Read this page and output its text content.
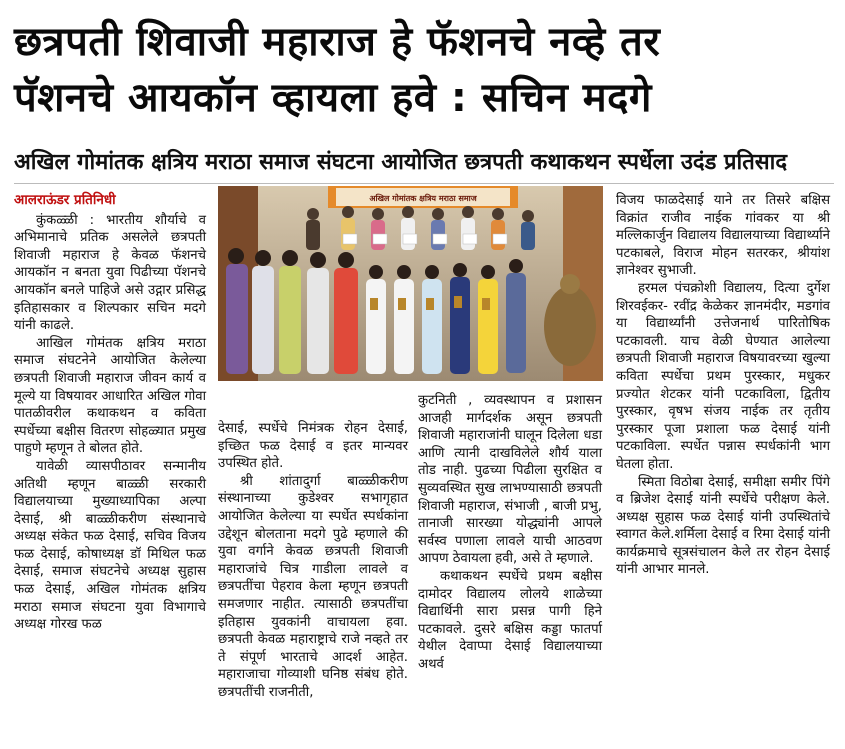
छत्रपती शिवाजी महाराज हे फॅशनचे नव्हे तर
पॅशनचे आयकॉन व्हायला हवे : सचिन मदगे
अखिल गोमांतक क्षत्रिय मराठा समाज संघटना आयोजित छत्रपती कथाकथन स्पर्धेला उदंड प्रतिसाद
आलराऊंडर प्रतिनिधी

कुंकळ्ळी : भारतीय शौर्याचे व अभिमानाचे प्रतिक असलेले छत्रपती शिवाजी महाराज हे केवळ फॅशनचे आयकॉन न बनता युवा पिढीच्या पॅशनचे आयकॉन बनले पाहिजे असे उद्गार प्रसिद्ध इतिहासकार व शिल्पकार सचिन मदगे यांनी काढले.

आखिल गोमंतक क्षत्रिय मराठा समाज संघटनेने आयोजित केलेल्या छत्रपती शिवाजी महाराज जीवन कार्य व मूल्ये या विषयावर आधारित अखिल गोवा पातळीवरील कथाकथन व कविता स्पर्धेच्या बक्षीस वितरण सोहळ्यात प्रमुख पाहुणे म्हणून ते बोलत होते.

यावेळी व्यासपीठावर सन्मानीय अतिथी म्हणून बाळ्ळी सरकारी विद्यालयाच्या मुख्याध्यापिका अल्पा देसाई, श्री बाळ्ळीकरीण संस्थानाचे अध्यक्ष संकेत फळ देसाई, सचिव विजय फळ देसाई, कोषाध्यक्ष डॉ मिथिल फळ देसाई, समाज संघटनेचे अध्यक्ष सुहास फळ देसाई, अखिल गोमंतक क्षत्रिय मराठा समाज संघटना युवा विभागाचे अध्यक्ष गोरख फळ

अखिल गोमांतक क्षत्रिय मराठा समाज

देसाई, स्पर्धेचे निमंत्रक रोहन देसाई, इच्छित फळ देसाई व इतर मान्यवर उपस्थित होते.

श्री शांतादुर्गा बाळ्ळीकरीण संस्थानाच्या कुडेश्वर सभागृहात आयोजित केलेल्या या स्पर्धेत स्पर्धकांना उद्देशून बोलताना मदगे पुढे म्हणाले की युवा वर्गाने केवळ छत्रपती शिवाजी महाराजांचे चित्र गाडीला लावले व छत्रपतींचा पेहराव केला म्हणून छत्रपती समजणार नाहीत. त्यासाठी छत्रपतींचा इतिहास युवकांनी वाचायला हवा. छत्रपती केवळ महाराष्ट्राचे राजे नव्हते तर ते संपूर्ण भारताचे आदर्श आहेत. महाराजाचा गोव्याशी घनिष्ठ संबंध होते. छत्रपतींची राजनीती,

कुटनिती , व्यवस्थापन व प्रशासन आजही मार्गदर्शक असून छत्रपती शिवाजी महाराजांनी घालून दिलेला धडा आणि त्यानी दाखविलेले शौर्य याला तोड नाही. पुढच्या पिढीला सुरक्षित व सुव्यवस्थित सुख लाभण्यासाठी छत्रपती शिवाजी महाराज, संभाजी , बाजी प्रभु, तानाजी सारख्या योद्ध्यांनी आपले सर्वस्व पणाला लावले याची आठवण आपण ठेवायला हवी, असे ते म्हणाले.

कथाकथन स्पर्धेचे प्रथम बक्षीस दामोदर विद्यालय लोलये शाळेच्या विद्यार्थिनी सारा प्रसन्न पागी हिने पटकावले. दुसरे बक्षिस कड्डा फातर्पा येथील देवाप्पा देसाई विद्यालयाच्या अथर्व

विजय फाळदेसाई याने तर तिसरे बक्षिस विक्रांत राजीव नाईक गांवकर या श्री मल्लिकार्जुन विद्यालय विद्यालयाच्या विद्यार्थ्याने पटकाबले, विराज मोहन सतरकर, श्रीयांश ज्ञानेश्वर सुभाजी.

हरमल पंचक्रोशी विद्यालय, दित्या दुर्गेश शिरवईकर- रवींद्र केळेकर ज्ञानमंदीर, मडगांव या विद्यार्थ्यांनी उत्तेजनार्थ पारितोषिक पटकावली. याच वेळी घेण्यात आलेल्या छत्रपती शिवाजी महाराज विषयावरच्या खुल्या कविता स्पर्धेचा प्रथम पुरस्कार, मधुकर प्रज्योत शेटकर यांनी पटकाविला, द्वितीय पुरस्कार, वृषभ संजय नाईक तर तृतीय पुरस्कार पूजा प्रशाला फळ देसाई यांनी पटकाविला. स्पर्धेत पन्नास स्पर्धकांनी भाग घेतला होता.

स्मिता विठोबा देसाई, समीक्षा समीर पिंगे व ब्रिजेश देसाई यांनी स्पर्धेचे परीक्षण केले. अध्यक्ष सुहास फळ देसाई यांनी उपस्थितांचे स्वागत केले.शर्मिला देसाई व रिमा देसाई यांनी कार्यक्रमाचे सूत्रसंचालन केले तर रोहन देसाई यांनी आभार मानले.
